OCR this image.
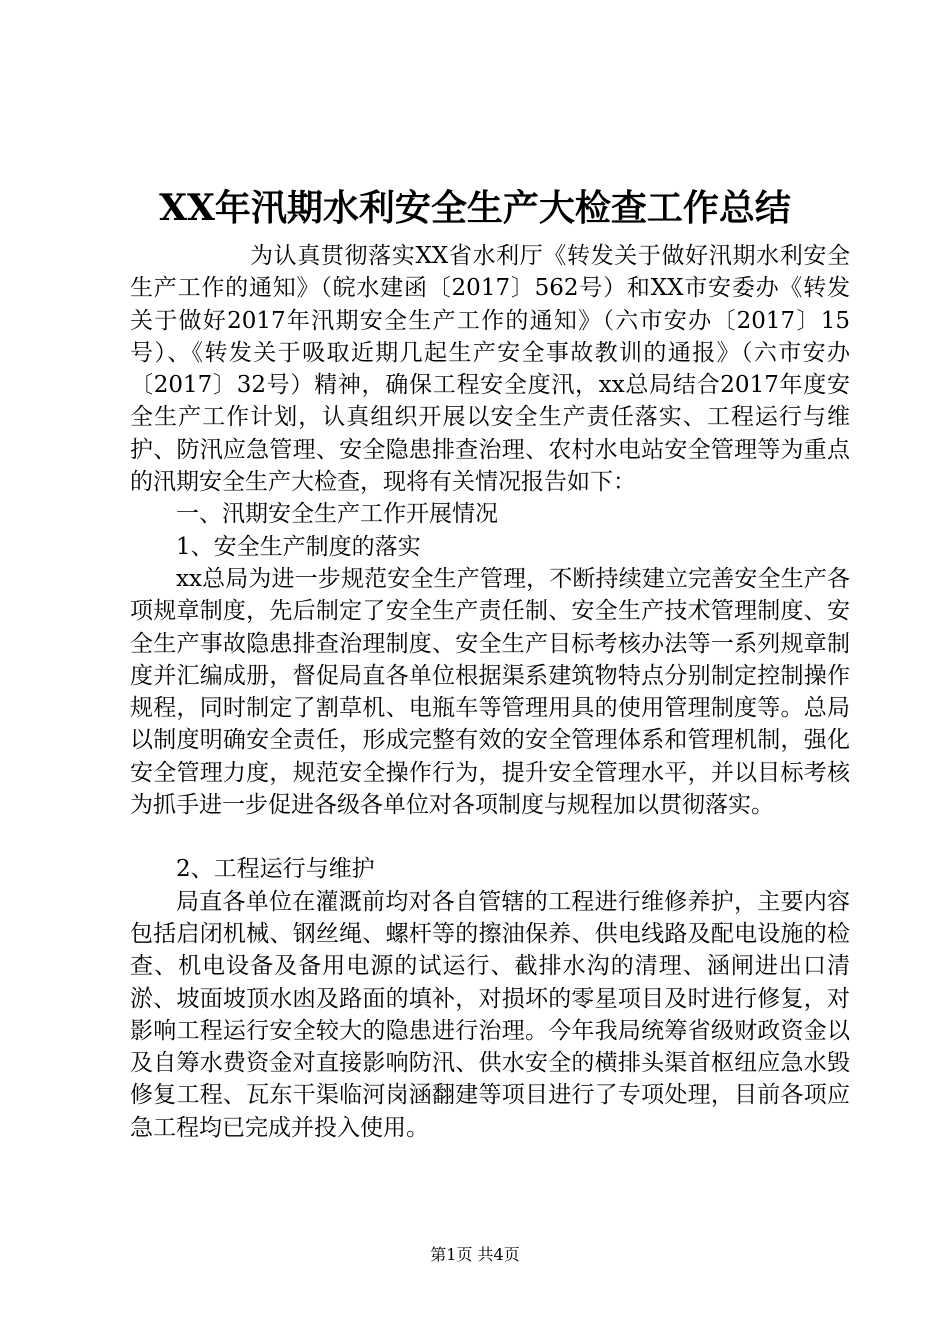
XX年汛期水利安全生产大检查工作总结

为认真贯彻落实XX省水利厅《转发关于做好汛期水利安全生产工作的通知》（皖水建函〔2017〕562号）和XX市安委办《转发关于做好2017年汛期安全生产工作的通知》（六市安办〔2017〕15号）、《转发关于吸取近期几起生产安全事故教训的通报》（六市安办〔2017〕32号）精神，确保工程安全度汛，xx总局结合2017年度安全生产工作计划，认真组织开展以安全生产责任落实、工程运行与维护、防汛应急管理、安全隐患排查治理、农村水电站安全管理等为重点的汛期安全生产大检查，现将有关情况报告如下：

一、汛期安全生产工作开展情况

1、安全生产制度的落实

xx总局为进一步规范安全生产管理，不断持续建立完善安全生产各项规章制度，先后制定了安全生产责任制、安全生产技术管理制度、安全生产事故隐患排查治理制度、安全生产目标考核办法等一系列规章制度并汇编成册，督促局直各单位根据渠系建筑物特点分别制定控制操作规程，同时制定了割草机、电瓶车等管理用具的使用管理制度等。总局以制度明确安全责任，形成完整有效的安全管理体系和管理机制，强化安全管理力度，规范安全操作行为，提升安全管理水平，并以目标考核为抓手进一步促进各级各单位对各项制度与规程加以贯彻落实。

2、工程运行与维护

局直各单位在灌溉前均对各自管辖的工程进行维修养护，主要内容包括启闭机械、钢丝绳、螺杆等的擦油保养、供电线路及配电设施的检查、机电设备及备用电源的试运行、截排水沟的清理、涵闸进出口清淤、坡面坡顶水凼及路面的填补，对损坏的零星项目及时进行修复，对影响工程运行安全较大的隐患进行治理。今年我局统筹省级财政资金以及自筹水费资金对直接影响防汛、供水安全的横排头渠首枢纽应急水毁修复工程、瓦东干渠临河岗涵翻建等项目进行了专项处理，目前各项应急工程均已完成并投入使用。

第1页 共4页
